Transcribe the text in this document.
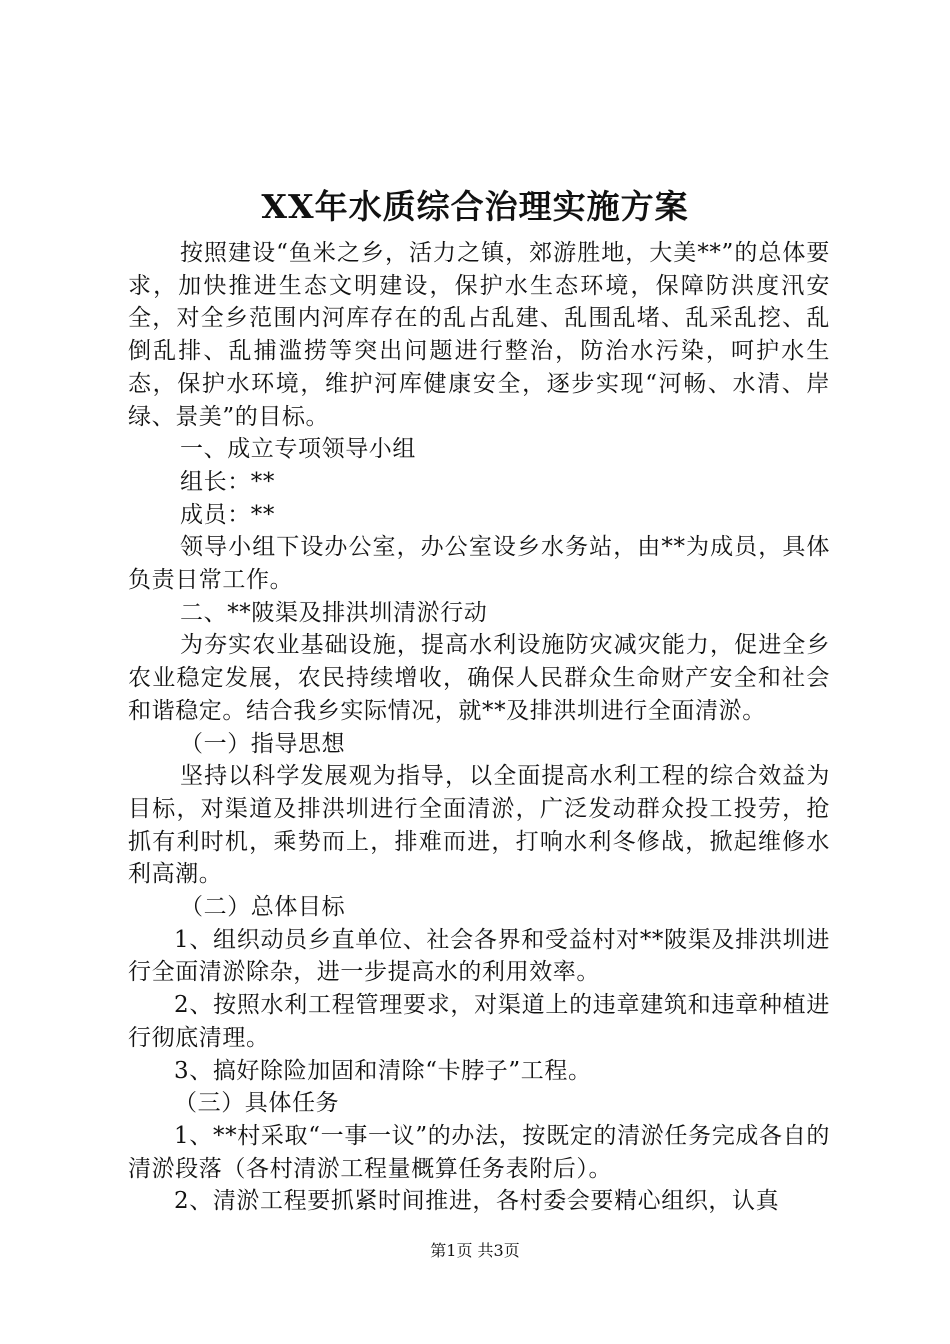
XX年水质综合治理实施方案

按照建设“鱼米之乡，活力之镇，郊游胜地，大美**”的总体要求，加快推进生态文明建设，保护水生态环境，保障防洪度汛安全，对全乡范围内河库存在的乱占乱建、乱围乱堵、乱采乱挖、乱倒乱排、乱捕滥捞等突出问题进行整治，防治水污染，呵护水生态，保护水环境，维护河库健康安全，逐步实现“河畅、水清、岸绿、景美”的目标。

一、成立专项领导小组

组长：**

成员：**

领导小组下设办公室，办公室设乡水务站，由**为成员，具体负责日常工作。

二、**陂渠及排洪圳清淤行动

为夯实农业基础设施，提高水利设施防灾减灾能力，促进全乡农业稳定发展，农民持续增收，确保人民群众生命财产安全和社会和谐稳定。结合我乡实际情况，就**及排洪圳进行全面清淤。

（一）指导思想

坚持以科学发展观为指导，以全面提高水利工程的综合效益为目标，对渠道及排洪圳进行全面清淤，广泛发动群众投工投劳，抢抓有利时机，乘势而上，排难而进，打响水利冬修战，掀起维修水利高潮。

（二）总体目标

1、组织动员乡直单位、社会各界和受益村对**陂渠及排洪圳进行全面清淤除杂，进一步提高水的利用效率。

2、按照水利工程管理要求，对渠道上的违章建筑和违章种植进行彻底清理。

3、搞好除险加固和清除“卡脖子”工程。

（三）具体任务

1、**村采取“一事一议”的办法，按既定的清淤任务完成各自的清淤段落（各村清淤工程量概算任务表附后）。

2、清淤工程要抓紧时间推进，各村委会要精心组织，认真

第1页 共3页
